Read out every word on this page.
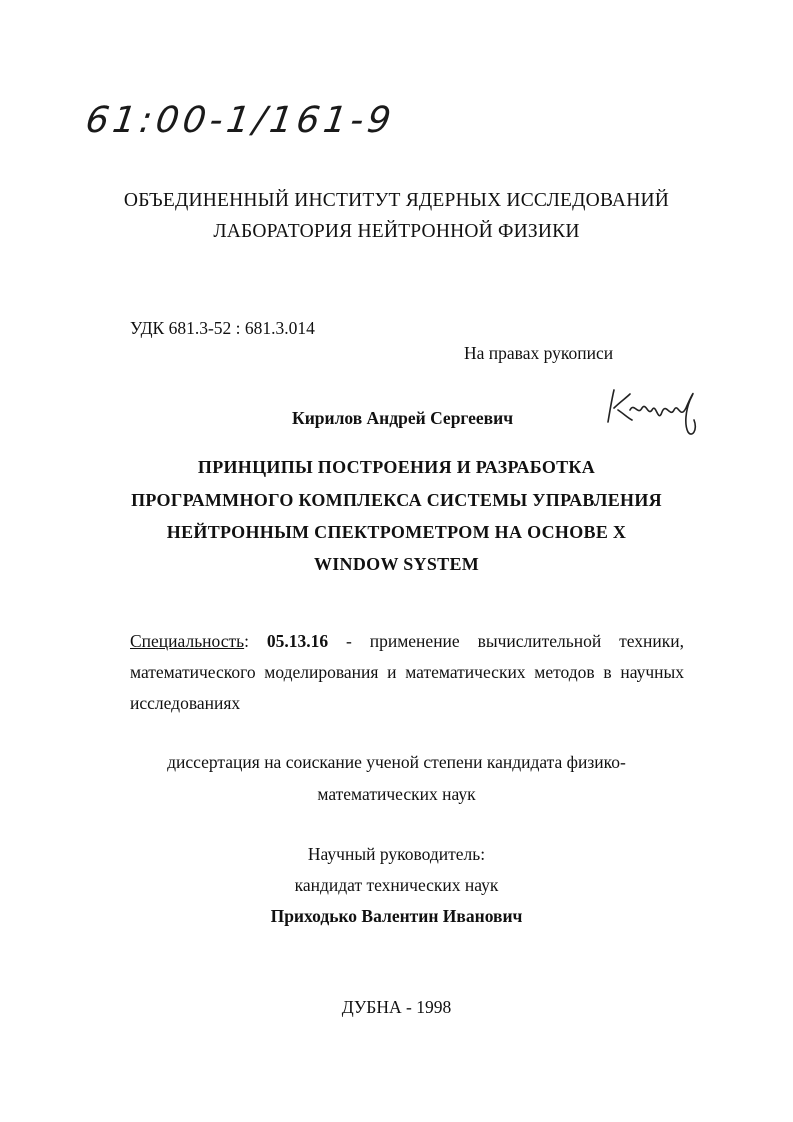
61:00-1/161-9
ОБЪЕДИНЕННЫЙ ИНСТИТУТ ЯДЕРНЫХ ИССЛЕДОВАНИЙ
ЛАБОРАТОРИЯ НЕЙТРОННОЙ ФИЗИКИ
УДК 681.3-52 : 681.3.014
На правах рукописи
Кирилов Андрей Сергеевич
ПРИНЦИПЫ ПОСТРОЕНИЯ И РАЗРАБОТКА
ПРОГРАММНОГО КОМПЛЕКСА СИСТЕМЫ УПРАВЛЕНИЯ
НЕЙТРОННЫМ СПЕКТРОМЕТРОМ НА ОСНОВЕ X
WINDOW SYSTEM

Специальность: 05.13.16 - применение вычислительной техники, математического моделирования и математических методов в научных исследованиях

диссертация на соискание ученой степени кандидата физико-
математических наук
Научный руководитель:
кандидат технических наук
Приходько Валентин Иванович
ДУБНА - 1998
